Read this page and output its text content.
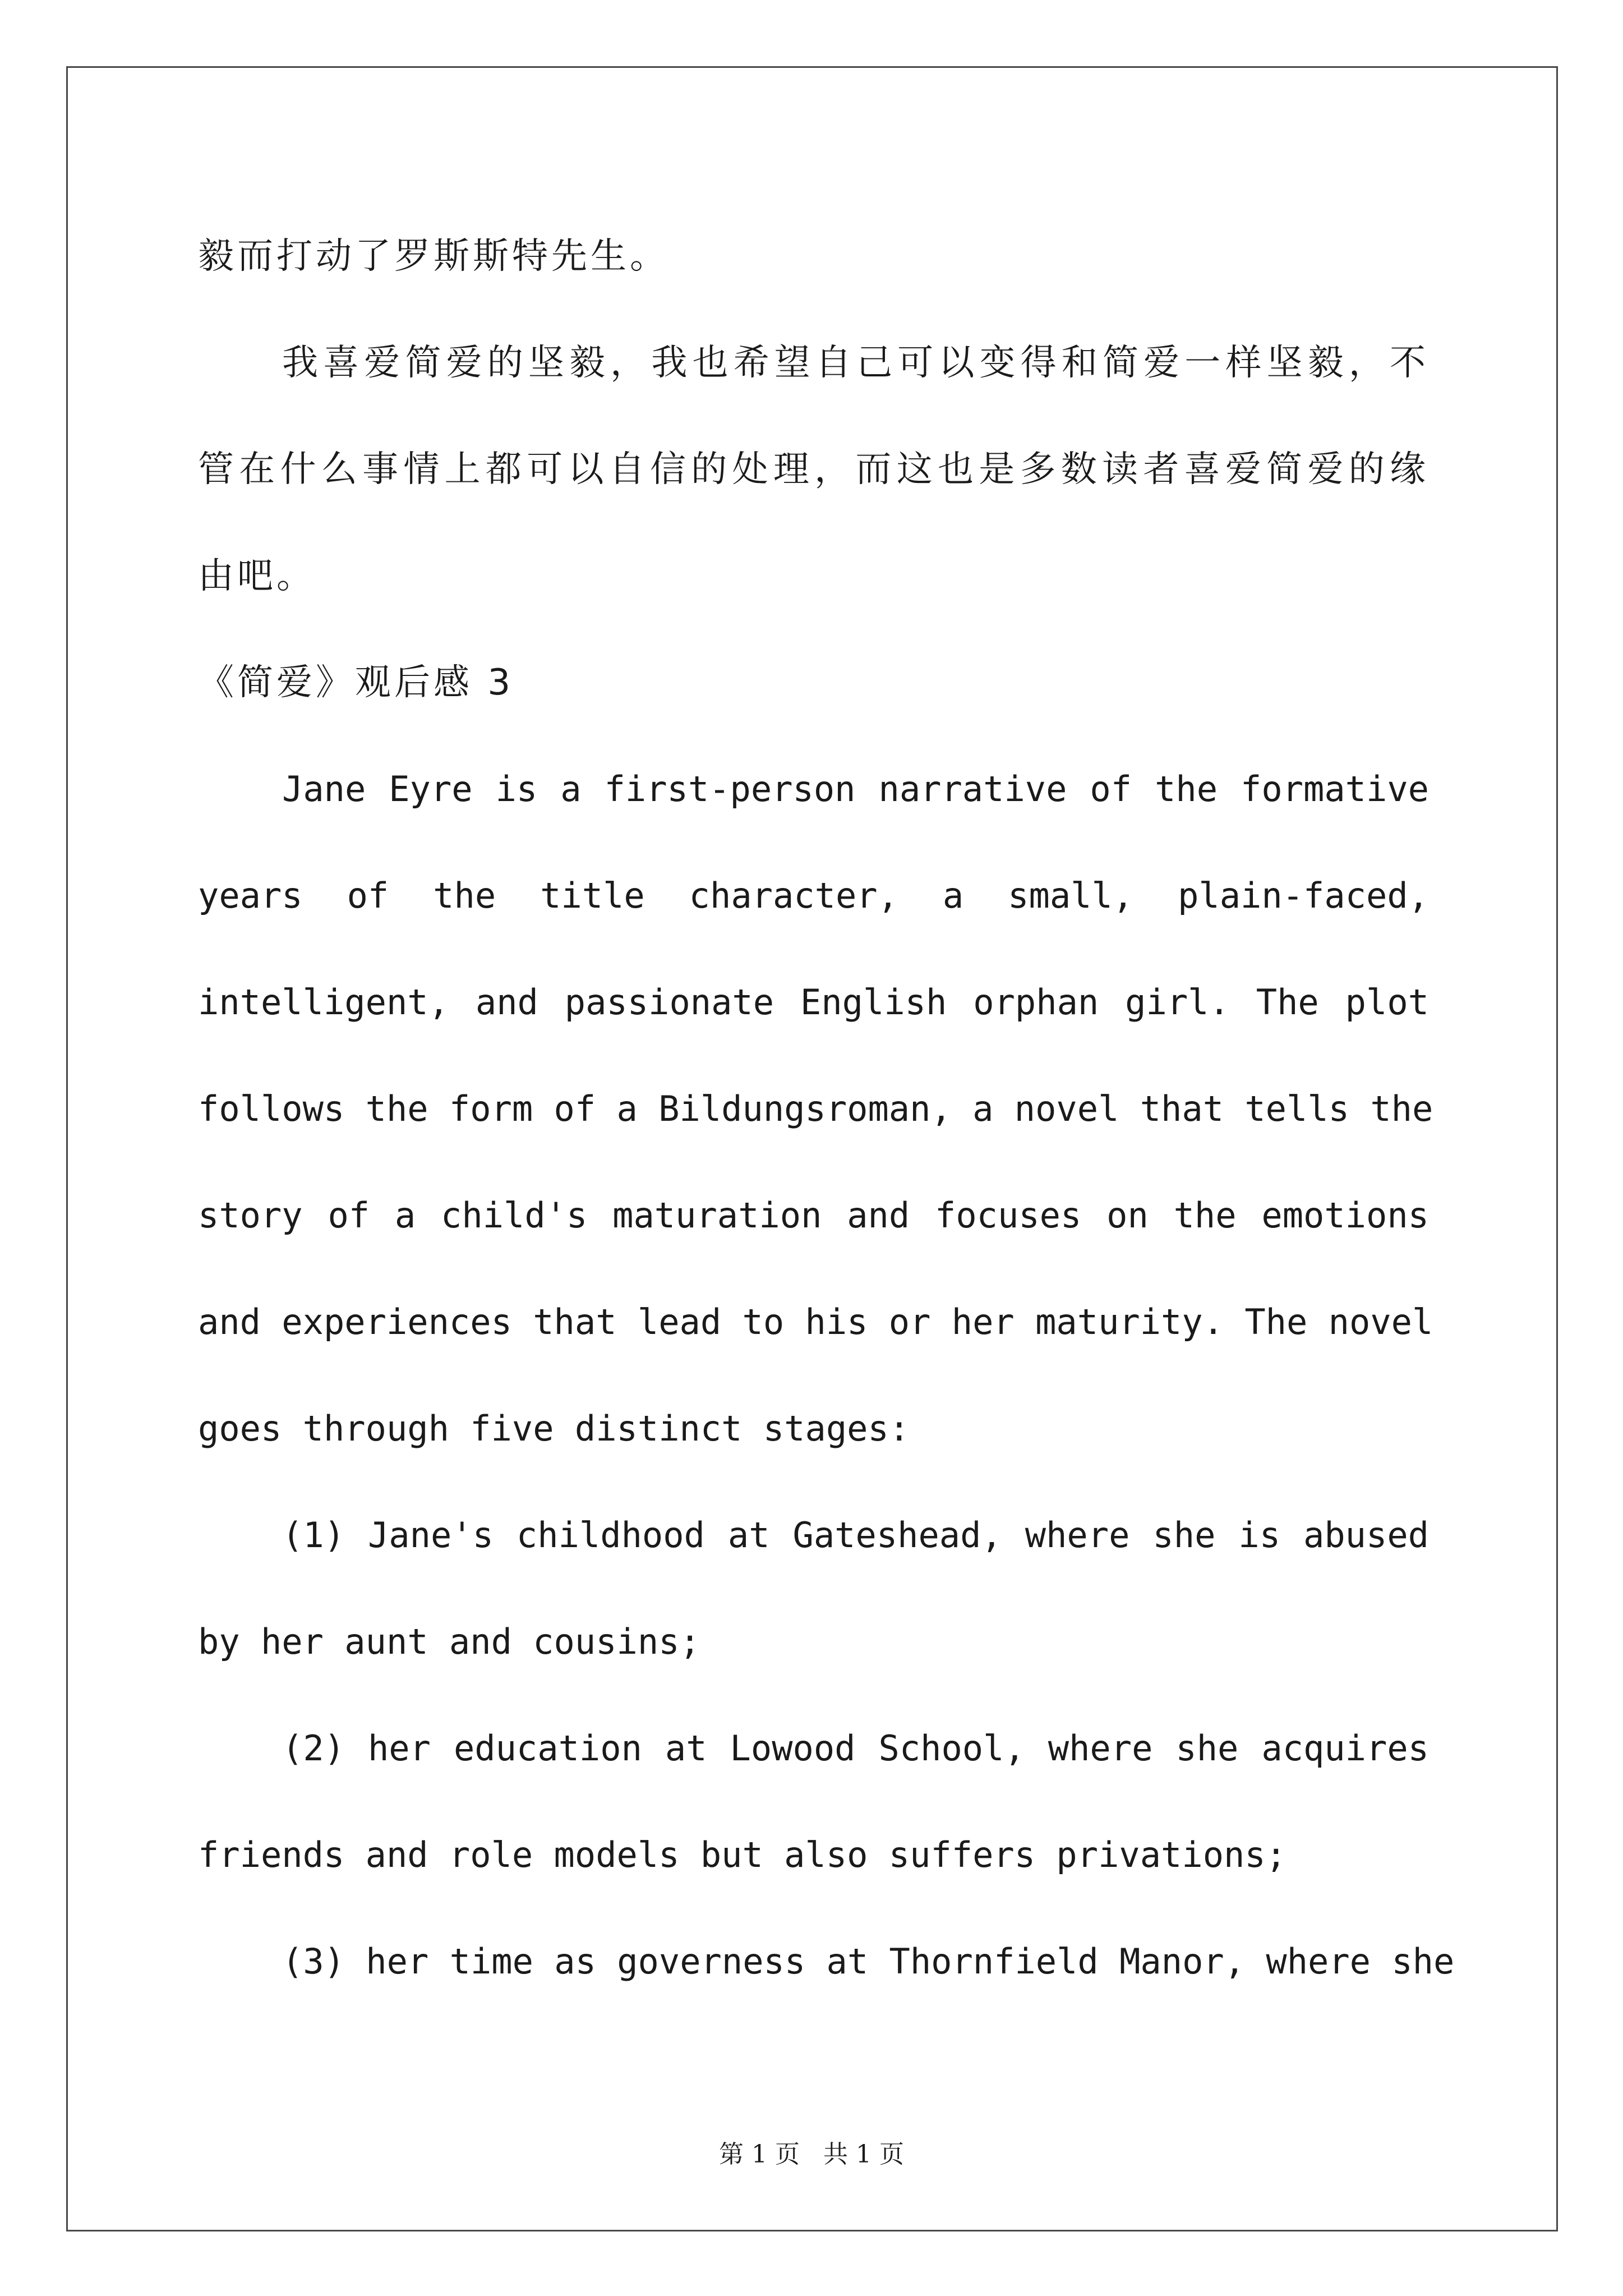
毅而打动了罗斯斯特先生。
我喜爱简爱的坚毅，我也希望自己可以变得和简爱一样坚毅，不
管在什么事情上都可以自信的处理，而这也是多数读者喜爱简爱的缘
由吧。
《简爱》观后感 3
Jane Eyre is a first-person narrative of the formative
years of the title character, a small, plain-faced,
intelligent, and passionate English orphan girl. The plot
follows the form of a Bildungsroman, a novel that tells the
story of a child's maturation and focuses on the emotions
and experiences that lead to his or her maturity. The novel
goes through five distinct stages:
(1) Jane's childhood at Gateshead, where she is abused
by her aunt and cousins;
(2) her education at Lowood School, where she acquires
friends and role models but also suffers privations;
(3) her time as governess at Thornfield Manor, where she
第 1 页 共 1 页
